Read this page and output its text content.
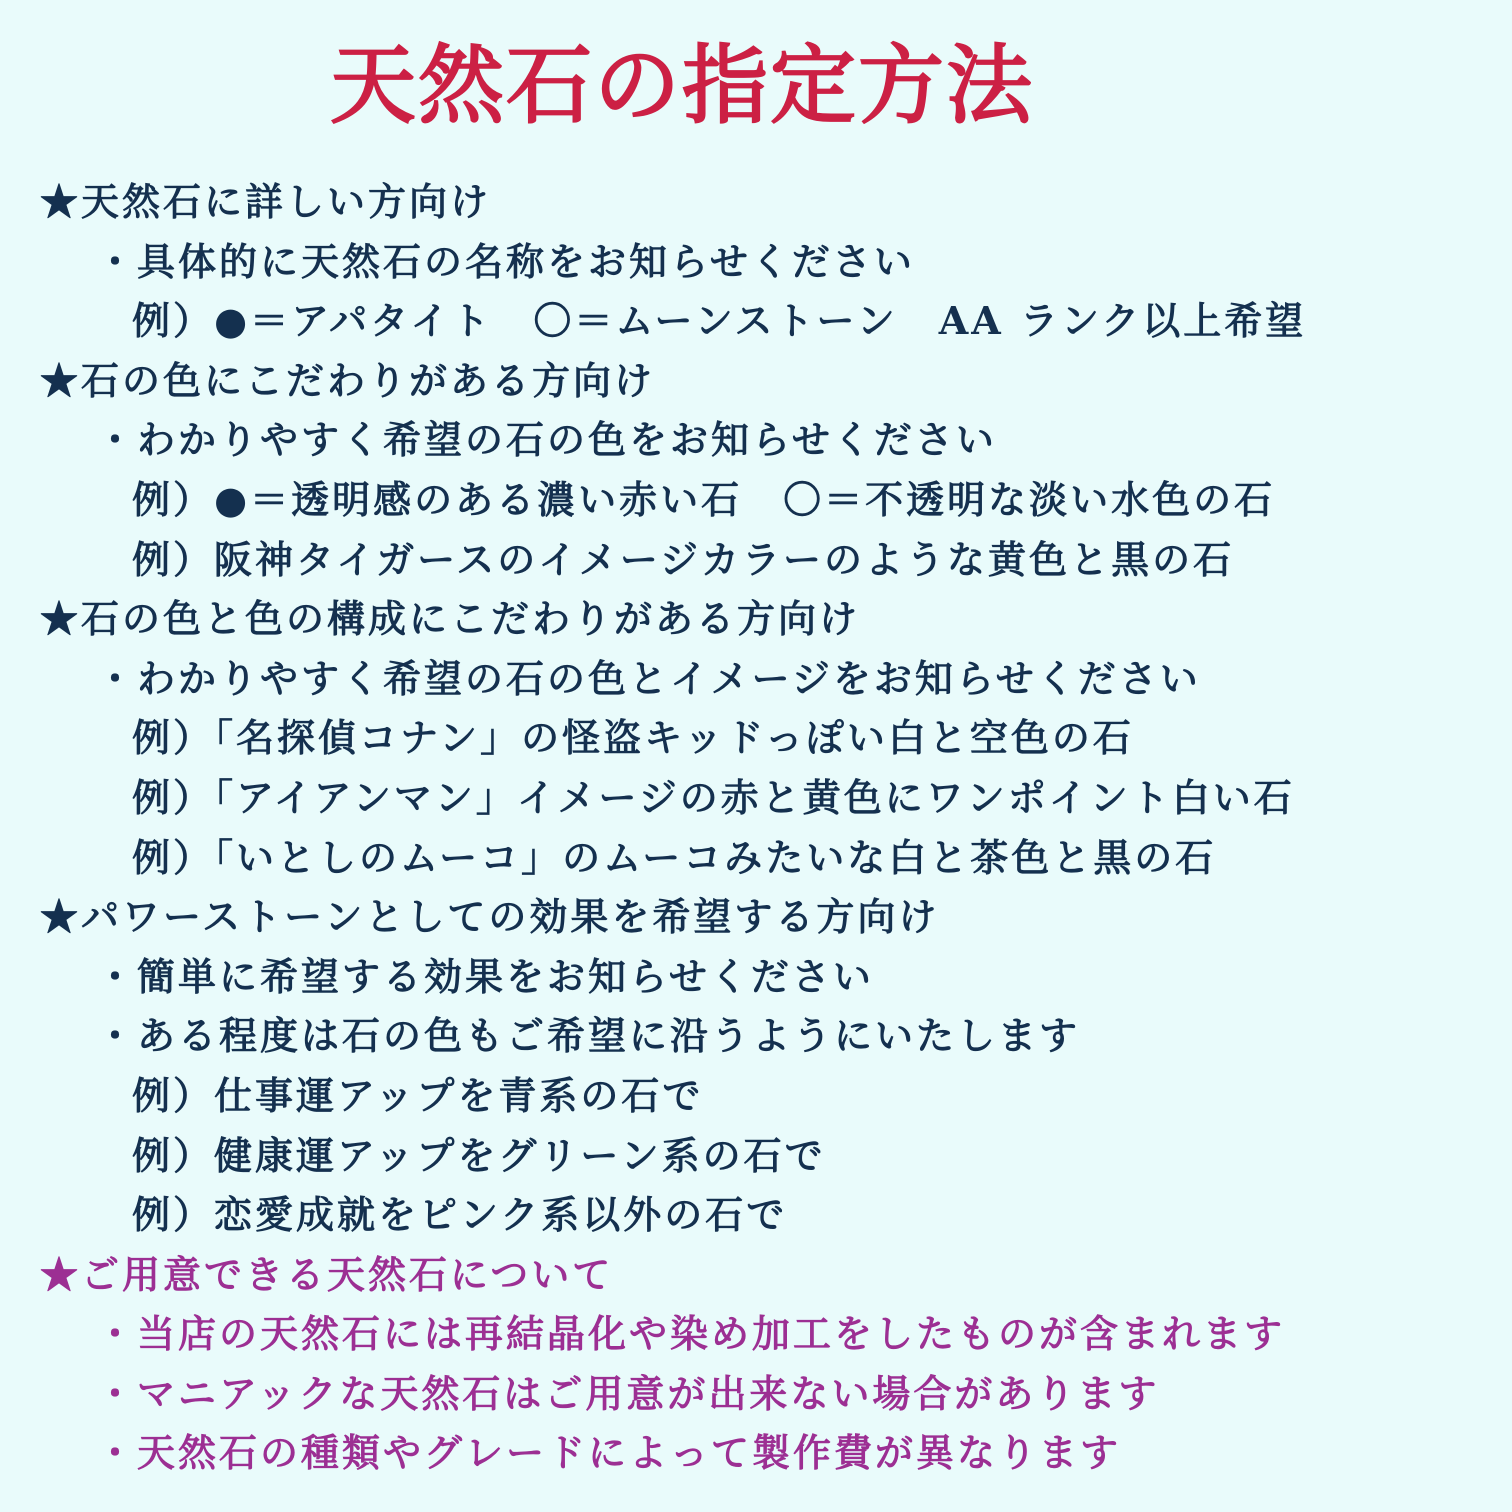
天然石の指定方法
★天然石に詳しい方向け
・具体的に天然石の名称をお知らせください
例）●＝アパタイト　〇＝ムーンストーン　AA ランク以上希望
★石の色にこだわりがある方向け
・わかりやすく希望の石の色をお知らせください
例）●＝透明感のある濃い赤い石　〇＝不透明な淡い水色の石
例）阪神タイガースのイメージカラーのような黄色と黒の石
★石の色と色の構成にこだわりがある方向け
・わかりやすく希望の石の色とイメージをお知らせください
例）「名探偵コナン」の怪盗キッドっぽい白と空色の石
例）「アイアンマン」イメージの赤と黄色にワンポイント白い石
例）「いとしのムーコ」のムーコみたいな白と茶色と黒の石
★パワーストーンとしての効果を希望する方向け
・簡単に希望する効果をお知らせください
・ある程度は石の色もご希望に沿うようにいたします
例）仕事運アップを青系の石で
例）健康運アップをグリーン系の石で
例）恋愛成就をピンク系以外の石で
★ご用意できる天然石について
・当店の天然石には再結晶化や染め加工をしたものが含まれます
・マニアックな天然石はご用意が出来ない場合があります
・天然石の種類やグレードによって製作費が異なります
